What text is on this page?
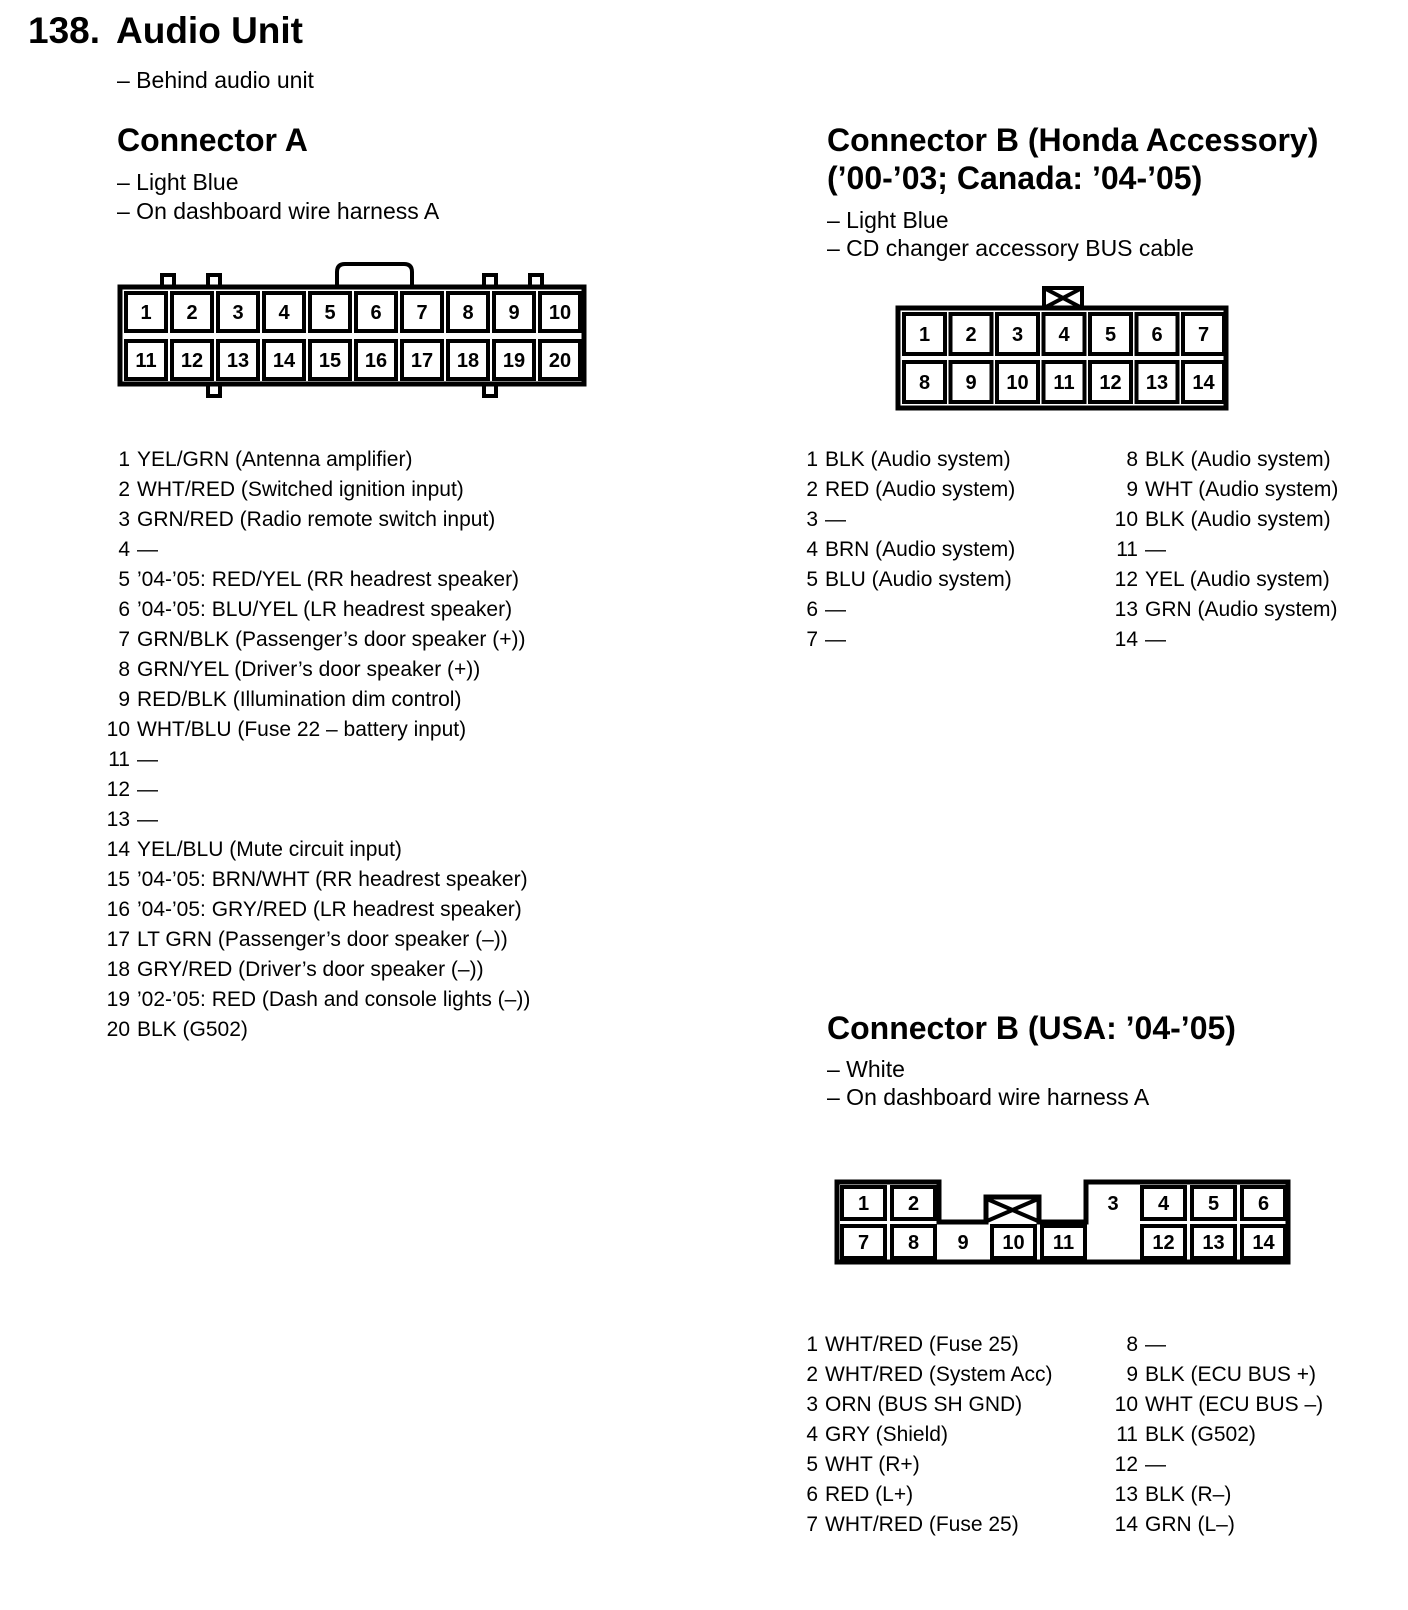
138. Audio Unit
– Behind audio unit
Connector A
– Light Blue
– On dashboard wire harness A
1 2 3 4 5 6 7 8 9 10
11 12 13 14 15 16 17 18 19 20
1 YEL/GRN (Antenna amplifier)
2 WHT/RED (Switched ignition input)
3 GRN/RED (Radio remote switch input)
4 —
5 ’04-’05: RED/YEL (RR headrest speaker)
6 ’04-’05: BLU/YEL (LR headrest speaker)
7 GRN/BLK (Passenger’s door speaker (+))
8 GRN/YEL (Driver’s door speaker (+))
9 RED/BLK (Illumination dim control)
10 WHT/BLU (Fuse 22 – battery input)
11 —
12 —
13 —
14 YEL/BLU (Mute circuit input)
15 ’04-’05: BRN/WHT (RR headrest speaker)
16 ’04-’05: GRY/RED (LR headrest speaker)
17 LT GRN (Passenger’s door speaker (–))
18 GRY/RED (Driver’s door speaker (–))
19 ’02-’05: RED (Dash and console lights (–))
20 BLK (G502)
Connector B (Honda Accessory)
(’00-’03; Canada: ’04-’05)
– Light Blue
– CD changer accessory BUS cable
1 2 3 4 5 6 7
8 9 10 11 12 13 14
1 BLK (Audio system)
2 RED (Audio system)
3 —
4 BRN (Audio system)
5 BLU (Audio system)
6 —
7 —
8 BLK (Audio system)
9 WHT (Audio system)
10 BLK (Audio system)
11 —
12 YEL (Audio system)
13 GRN (Audio system)
14 —
Connector B (USA: ’04-’05)
– White
– On dashboard wire harness A
1 2	3 4 5 6
7 8 9 10 11	12 13 14
1 WHT/RED (Fuse 25)
2 WHT/RED (System Acc)
3 ORN (BUS SH GND)
4 GRY (Shield)
5 WHT (R+)
6 RED (L+)
7 WHT/RED (Fuse 25)
8 —
9 BLK (ECU BUS +)
10 WHT (ECU BUS –)
11 BLK (G502)
12 —
13 BLK (R–)
14 GRN (L–)
